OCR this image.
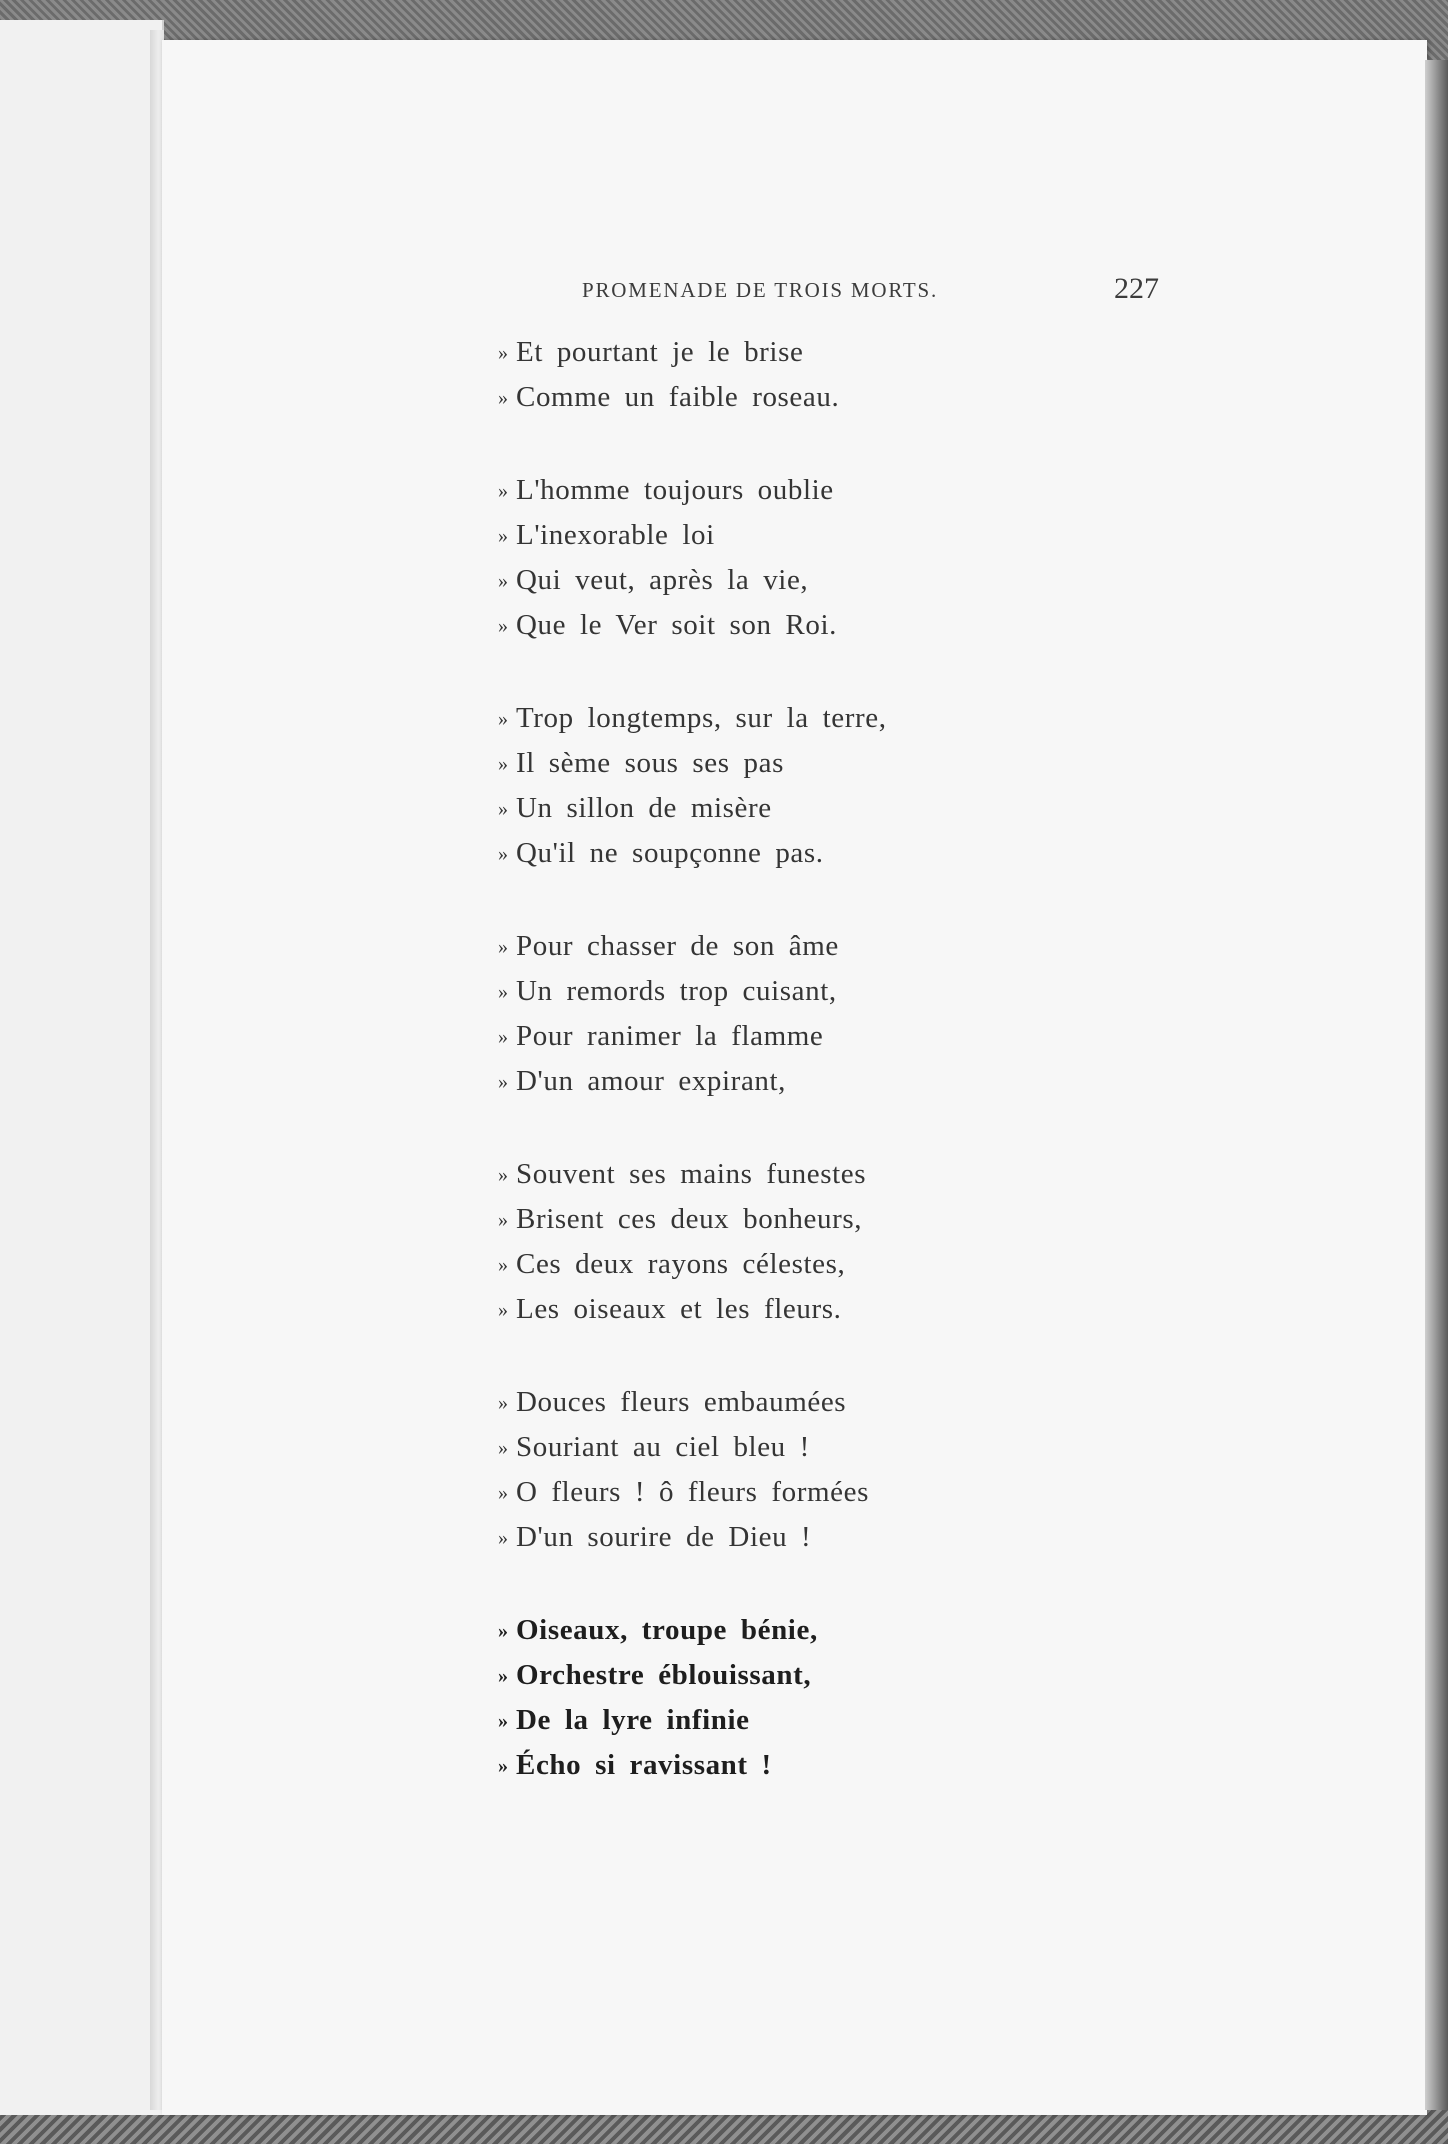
PROMENADE DE TROIS MORTS.	227
» Et pourtant je le brise
» Comme un faible roseau.
» L'homme toujours oublie
» L'inexorable loi
» Qui veut, après la vie,
» Que le Ver soit son Roi.
» Trop longtemps, sur la terre,
» Il sème sous ses pas
» Un sillon de misère
» Qu'il ne soupçonne pas.
» Pour chasser de son âme
» Un remords trop cuisant,
» Pour ranimer la flamme
» D'un amour expirant,
» Souvent ses mains funestes
» Brisent ces deux bonheurs,
» Ces deux rayons célestes,
» Les oiseaux et les fleurs.
» Douces fleurs embaumées
» Souriant au ciel bleu !
» O fleurs ! ô fleurs formées
» D'un sourire de Dieu !
» Oiseaux, troupe bénie,
» Orchestre éblouissant,
» De la lyre infinie
» Écho si ravissant !
